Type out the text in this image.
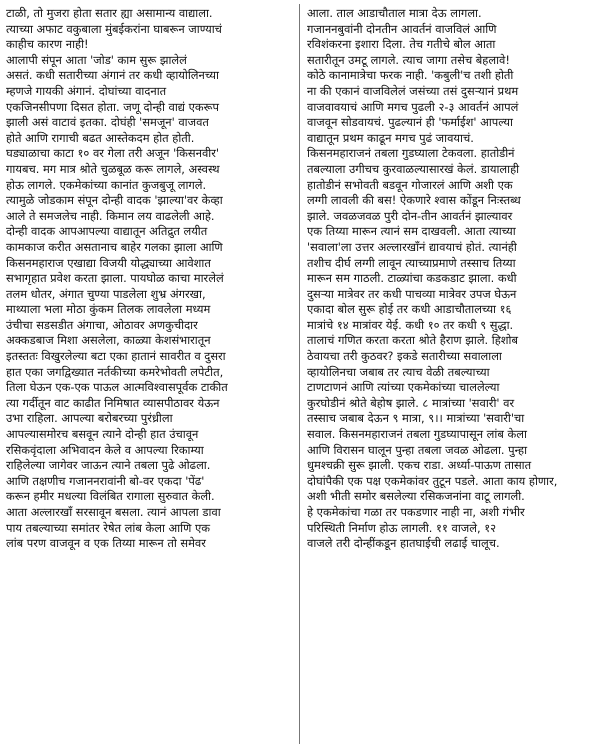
टाळी, तो मुजरा होता सतार ह्या असामान्य वाद्याला.
त्याच्या अफाट वकुबाला मुंबईकरांना घाबरून जाण्याचं
काहीच कारण नाही!
आलापी संपून आता 'जोड' काम सुरू झालेलं
असतं. कधी सतारीच्या अंगानं तर कधी व्हायोलिनच्या
म्हणजे गायकी अंगानं. दोघांच्या वादनात
एकजिनसीपणा दिसत होता. जणू दोन्ही वाद्यं एकरूप
झाली असं वाटावं इतका. दोघंही 'समजून' वाजवत
होते आणि रागाची बढत आस्तेकदम होत होती.
घड्याळाचा काटा १० वर गेला तरी अजून 'किसनवीर'
गायबच. मग मात्र श्रोते चुळबूळ करू लागले, अस्वस्थ
होऊ लागले. एकमेकांच्या कानांत कुजबुजू लागले.
त्यामुळे जोडकाम संपून दोन्ही वादक 'झाल्या'वर केव्हा
आले ते समजलेच नाही. किमान लय वाढलेली आहे.
दोन्ही वादक आपआपल्या वाद्यातून अतिद्रुत लयीत
कामकाज करीत असतानाच बाहेर गलका झाला आणि
किसनमहाराज एखाद्या विजयी योद्ध्याच्या आवेशात
सभागृहात प्रवेश करता झाला. पायघोळ काचा मारलेलं
तलम धोतर, अंगात चुण्या पाडलेला शुभ्र अंगरखा,
माथ्याला भला मोठा कुंकम तिलक लावलेला मध्यम
उंचीचा सडसडीत अंगाचा, ओठावर अणकुचीदार
अक्कडबाज मिशा असलेला, काळ्या केशसंभारातून
इतस्ततः विखुरलेल्या बटा एका हातानं सावरीत व दुसरा
हात एका जगद्विख्यात नर्तकीच्या कमरेभोवती लपेटीत,
तिला घेऊन एक-एक पाऊल आत्मविश्वासपूर्वक टाकीत
त्या गर्दीतून वाट काढीत निमिषात व्यासपीठावर येऊन
उभा राहिला. आपल्या बरोबरच्या पुरंध्रीला
आपल्यासमोरच बसवून त्याने दोन्ही हात उंचावून
रसिकवृंदाला अभिवादन केले व आपल्या रिकाम्या
राहिलेल्या जागेवर जाऊन त्याने तबला पुढे ओढला.
आणि तक्षणीच गजाननरावांनी बो-वर एकदा 'पेंढ'
करून हमीर मधल्या विलंबित रागाला सुरुवात केली.
आता अल्लारखाँ सरसावून बसला. त्यानं आपला डावा
पाय तबल्याच्या समांतर रेषेत लांब केला आणि एक
लांब परण वाजवून व एक तिय्या मारून तो समेवर
आला. ताल आडाचौताल मात्रा देऊ लागला.
गजाननबुवांनी दोनतीन आवर्तनं वाजविलं आणि
रविशंकरना इशारा दिला. तेच गतीचे बोल आता
सतारीतून उमटू लागले. त्याच जागा तसेच बेहलावे!
कोठे कानामात्रेचा फरक नाही. 'कबुली'च तशी होती
ना की एकानं वाजविलेलं जसंच्या तसं दुसऱ्यानं प्रथम
वाजवावयाचं आणि मगच पुढली २-३ आवर्तनं आपलं
वाजवून सोडवायचं. पुढल्यानं ही 'फर्माईश' आपल्या
वाद्यातून प्रथम काढून मगच पुढं जावयाचं.
किसनमहाराजनं तबला गुडघ्याला टेकवला. हातोडीनं
तबल्याला उगीचच कुरवाळल्यासारखं केलं. डायालाही
हातोडीनं सभोवती बडवून गोजारलं आणि अशी एक
लग्गी लावली की बस! ऐकणारे श्वास कोंडून निःस्तब्ध
झाले. जवळजवळ पुरी दोन-तीन आवर्तनं झाल्यावर
एक तिय्या मारून त्यानं सम दाखवली. आता त्याच्या
'सवाला'ला उत्तर अल्लारखाँनं द्यावयाचं होतं. त्यानंही
तशीच दीर्घ लग्गी लावून त्याच्याप्रमाणे तस्साच तिय्या
मारून सम गाठली. टाळ्यांचा कडकडाट झाला. कधी
दुसऱ्या मात्रेवर तर कधी पाचव्या मात्रेवर उपज घेऊन
एकादा बोल सुरू होई तर कधी आडाचौतालच्या १६
मात्रांचे १४ मात्रांवर येई. कधी १० तर कधी ९ सुद्धा.
तालाचं गणित करता करता श्रोते हैराण झाले. हिशोब
ठेवायचा तरी कुठवर? इकडे सतारीच्या सवालाला
व्हायोलिनचा जबाब तर त्याच वेळी तबल्याच्या
टाणटाणनं आणि त्यांच्या एकमेकांच्या चाललेल्या
कुरघोडीनं श्रोते बेहोष झाले. ८ मात्रांच्या 'सवारी' वर
तस्साच जबाब देऊन ९ मात्रा, ९।। मात्रांच्या 'सवारी'चा
सवाल. किसनमहाराजनं तबला गुडघ्यापासून लांब केला
आणि विरासन घालून पुन्हा तबला जवळ ओढला. पुन्हा
धुमश्चक्री सुरू झाली. एकच राडा. अर्ध्या-पाऊण तासात
दोघांपैकी एक पक्ष एकमेकांवर तुटून पडले. आता काय होणार,
अशी भीती समोर बसलेल्या रसिकजनांना वाटू लागली.
हे एकमेकांचा गळा तर पकडणार नाही ना, अशी गंभीर
परिस्थिती निर्माण होऊ लागली. ११ वाजले, १२
वाजले तरी दोन्हींकडून हातघाईची लढाई चालूच.
